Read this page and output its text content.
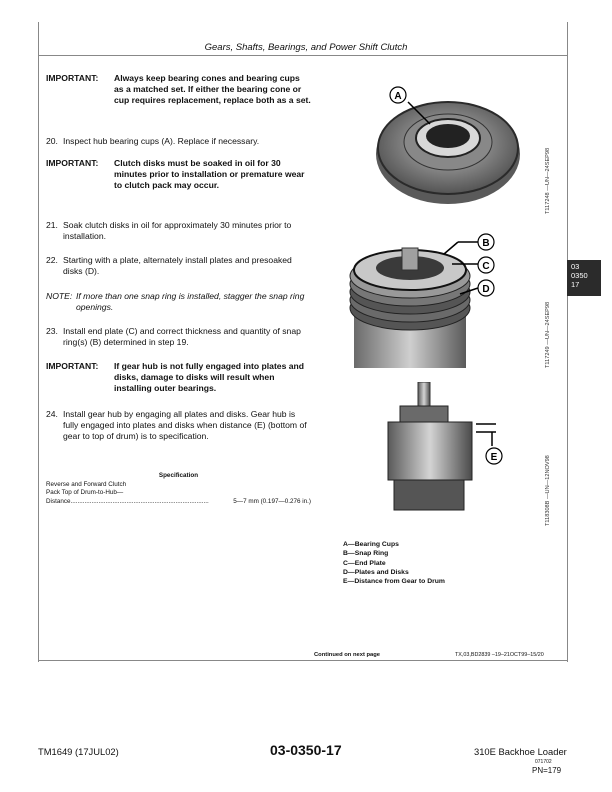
Gears, Shafts, Bearings, and Power Shift Clutch
03
0350
17
IMPORTANT:	Always keep bearing cones and bearing cups as a matched set. If either the bearing cone or cup requires replacement, replace both as a set.
20. Inspect hub bearing cups (A). Replace if necessary.
IMPORTANT:	Clutch disks must be soaked in oil for 30 minutes prior to installation or premature wear to clutch pack may occur.
21. Soak clutch disks in oil for approximately 30 minutes prior to installation.
22. Starting with a plate, alternately install plates and presoaked disks (D).
NOTE: If more than one snap ring is installed, stagger the snap ring openings.
23. Install end plate (C) and correct thickness and quantity of snap ring(s) (B) determined in step 19.
IMPORTANT:	If gear hub is not fully engaged into plates and disks, damage to disks will result when installing outer bearings.
24. Install gear hub by engaging all plates and disks. Gear hub is fully engaged into plates and disks when distance (E) (bottom of gear to top of drum) is to specification.
Specification
Reverse and Forward Clutch
Pack Top of Drum-to-Hub—
Distance ...............................................................................	5—7 mm (0.197—0.276 in.)
A
B
C
D
E
T117248 —UN—24SEP98
T117249 —UN—24SEP98
T118308B —UN—12NOV98
A—Bearing Cups
B—Snap Ring
C—End Plate
D—Plates and Disks
E—Distance from Gear to Drum
Continued on next page	TX,03,BD2839 –19–21OCT99–15/20
TM1649 (17JUL02)	03-0350-17	310E Backhoe Loader
071702
PN=179
